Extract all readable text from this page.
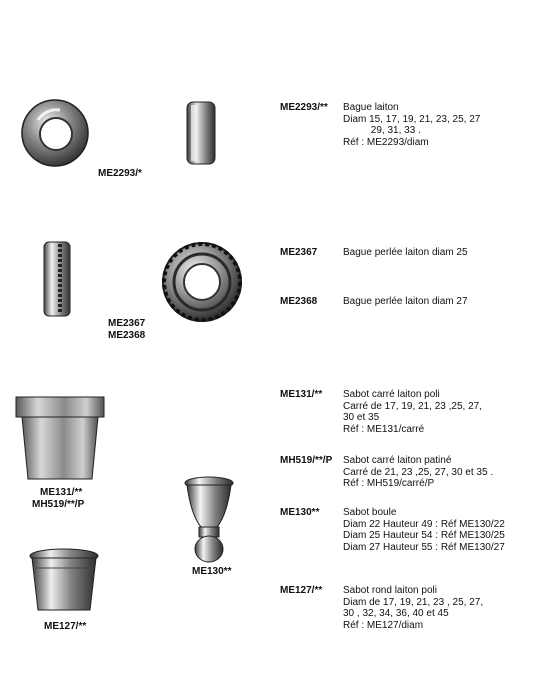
ME2293/*
ME2367
ME2368
ME131/**
MH519/**/P
ME130**
ME127/**
ME2293/** Bague laiton
Diam 15, 17, 19, 21, 23, 25, 27
29, 31, 33 .
Réf : ME2293/diam
ME2367	Bague perlée laiton diam 25
ME2368	Bague perlée laiton diam 27
ME131/** Sabot carré laiton poli
Carré de 17, 19, 21, 23 ,25, 27,
30 et 35
Réf : ME131/carré
MH519/**/P Sabot carré laiton patiné
Carré de 21, 23 ,25, 27, 30 et 35 .
Réf : MH519/carré/P
ME130** Sabot boule
Diam 22 Hauteur 49 : Réf ME130/22
Diam 25 Hauteur 54 : Réf ME130/25
Diam 27 Hauteur 55 : Réf ME130/27
ME127/** Sabot rond laiton poli
Diam de 17, 19, 21, 23 , 25, 27,
30 , 32, 34, 36, 40 et 45
Réf : ME127/diam
